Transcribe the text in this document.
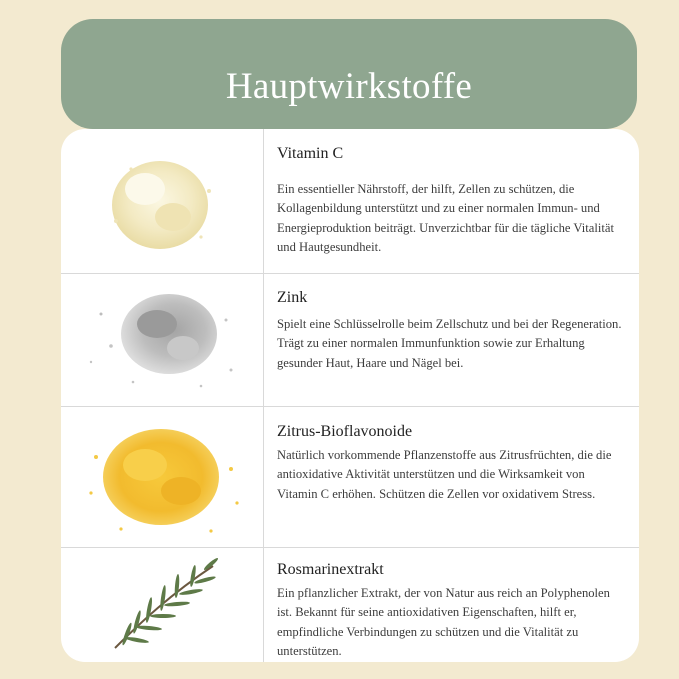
Hauptwirkstoffe
Vitamin C
Ein essentieller Nährstoff, der hilft, Zellen zu schützen, die Kollagenbildung unterstützt und zu einer normalen Immun- und Energieproduktion beiträgt. Unverzichtbar für die tägliche Vitalität und Hautgesundheit.
Zink
Spielt eine Schlüsselrolle beim Zellschutz und bei der Regeneration. Trägt zu einer normalen Immunfunktion sowie zur Erhaltung gesunder Haut, Haare und Nägel bei.
Zitrus-Bioflavonoide
Natürlich vorkommende Pflanzenstoffe aus Zitrusfrüchten, die die antioxidative Aktivität unterstützen und die Wirksamkeit von Vitamin C erhöhen. Schützen die Zellen vor oxidativem Stress.
Rosmarinextrakt
Ein pflanzlicher Extrakt, der von Natur aus reich an Polyphenolen ist. Bekannt für seine antioxidativen Eigenschaften, hilft er, empfindliche Verbindungen zu schützen und die Vitalität zu unterstützen.
